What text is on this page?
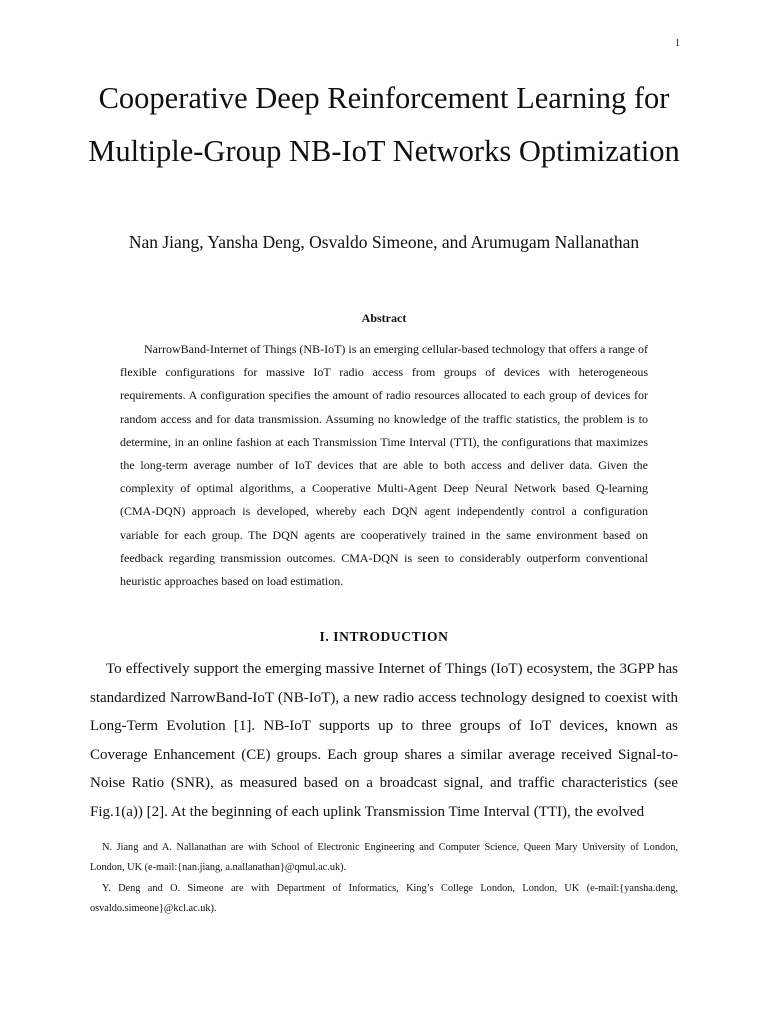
1
Cooperative Deep Reinforcement Learning for Multiple-Group NB-IoT Networks Optimization

Nan Jiang, Yansha Deng, Osvaldo Simeone, and Arumugam Nallanathan

Abstract

NarrowBand-Internet of Things (NB-IoT) is an emerging cellular-based technology that offers a range of flexible configurations for massive IoT radio access from groups of devices with heterogeneous requirements. A configuration specifies the amount of radio resources allocated to each group of devices for random access and for data transmission. Assuming no knowledge of the traffic statistics, the problem is to determine, in an online fashion at each Transmission Time Interval (TTI), the configurations that maximizes the long-term average number of IoT devices that are able to both access and deliver data. Given the complexity of optimal algorithms, a Cooperative Multi-Agent Deep Neural Network based Q-learning (CMA-DQN) approach is developed, whereby each DQN agent independently control a configuration variable for each group. The DQN agents are cooperatively trained in the same environment based on feedback regarding transmission outcomes. CMA-DQN is seen to considerably outperform conventional heuristic approaches based on load estimation.

I. INTRODUCTION

To effectively support the emerging massive Internet of Things (IoT) ecosystem, the 3GPP has standardized NarrowBand-IoT (NB-IoT), a new radio access technology designed to coexist with Long-Term Evolution [1]. NB-IoT supports up to three groups of IoT devices, known as Coverage Enhancement (CE) groups. Each group shares a similar average received Signal-to-Noise Ratio (SNR), as measured based on a broadcast signal, and traffic characteristics (see Fig.1(a)) [2]. At the beginning of each uplink Transmission Time Interval (TTI), the evolved

N. Jiang and A. Nallanathan are with School of Electronic Engineering and Computer Science, Queen Mary University of London, London, UK (e-mail:{nan.jiang, a.nallanathan}@qmul.ac.uk).

Y. Deng and O. Simeone are with Department of Informatics, King’s College London, London, UK (e-mail:{yansha.deng, osvaldo.simeone}@kcl.ac.uk).
